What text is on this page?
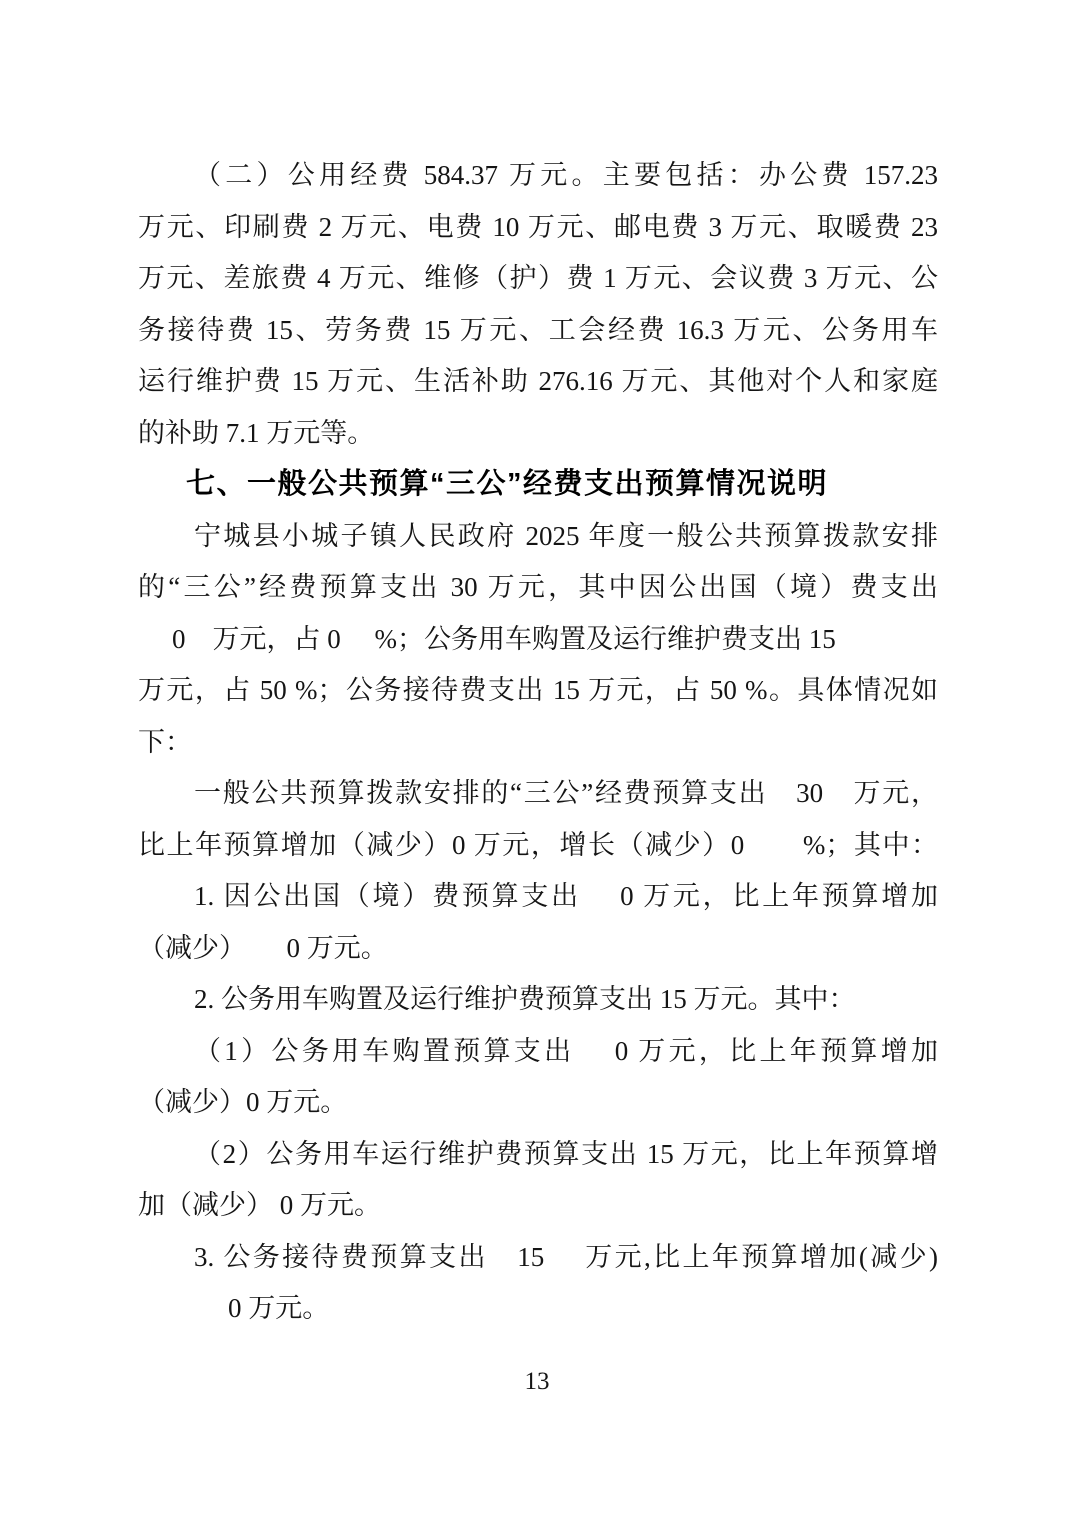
（二）公用经费 584.37 万元。主要包括：办公费 157.23
万元、印刷费 2 万元、电费 10 万元、邮电费 3 万元、取暖费 23
万元、差旅费 4 万元、维修（护）费 1 万元、会议费 3 万元、公
务接待费 15、劳务费 15 万元、工会经费 16.3 万元、公务用车
运行维护费 15 万元、生活补助 276.16 万元、其他对个人和家庭
的补助 7.1 万元等。
七、一般公共预算“三公”经费支出预算情况说明
宁城县小城子镇人民政府 2025 年度一般公共预算拨款安排
的“三公”经费预算支出 30 万元，其中因公出国（境）费支出
0　万元，占 0　 %；公务用车购置及运行维护费支出 15
万元，占 50 %；公务接待费支出 15 万元，占 50 %。具体情况如
下：
一般公共预算拨款安排的“三公”经费预算支出　30　万元，
比上年预算增加（减少）0 万元，增长（减少）0　　%；其中：
1. 因公出国（境）费预算支出　 0 万元，比上年预算增加
（减少）　　0 万元。
2. 公务用车购置及运行维护费预算支出 15 万元。其中：
（1）公务用车购置预算支出　 0 万元，比上年预算增加
（减少）0 万元。
（2）公务用车运行维护费预算支出 15 万元，比上年预算增
加（减少） 0 万元。
3. 公务接待费预算支出　15　 万元,比上年预算增加(减少)
0 万元。
13
